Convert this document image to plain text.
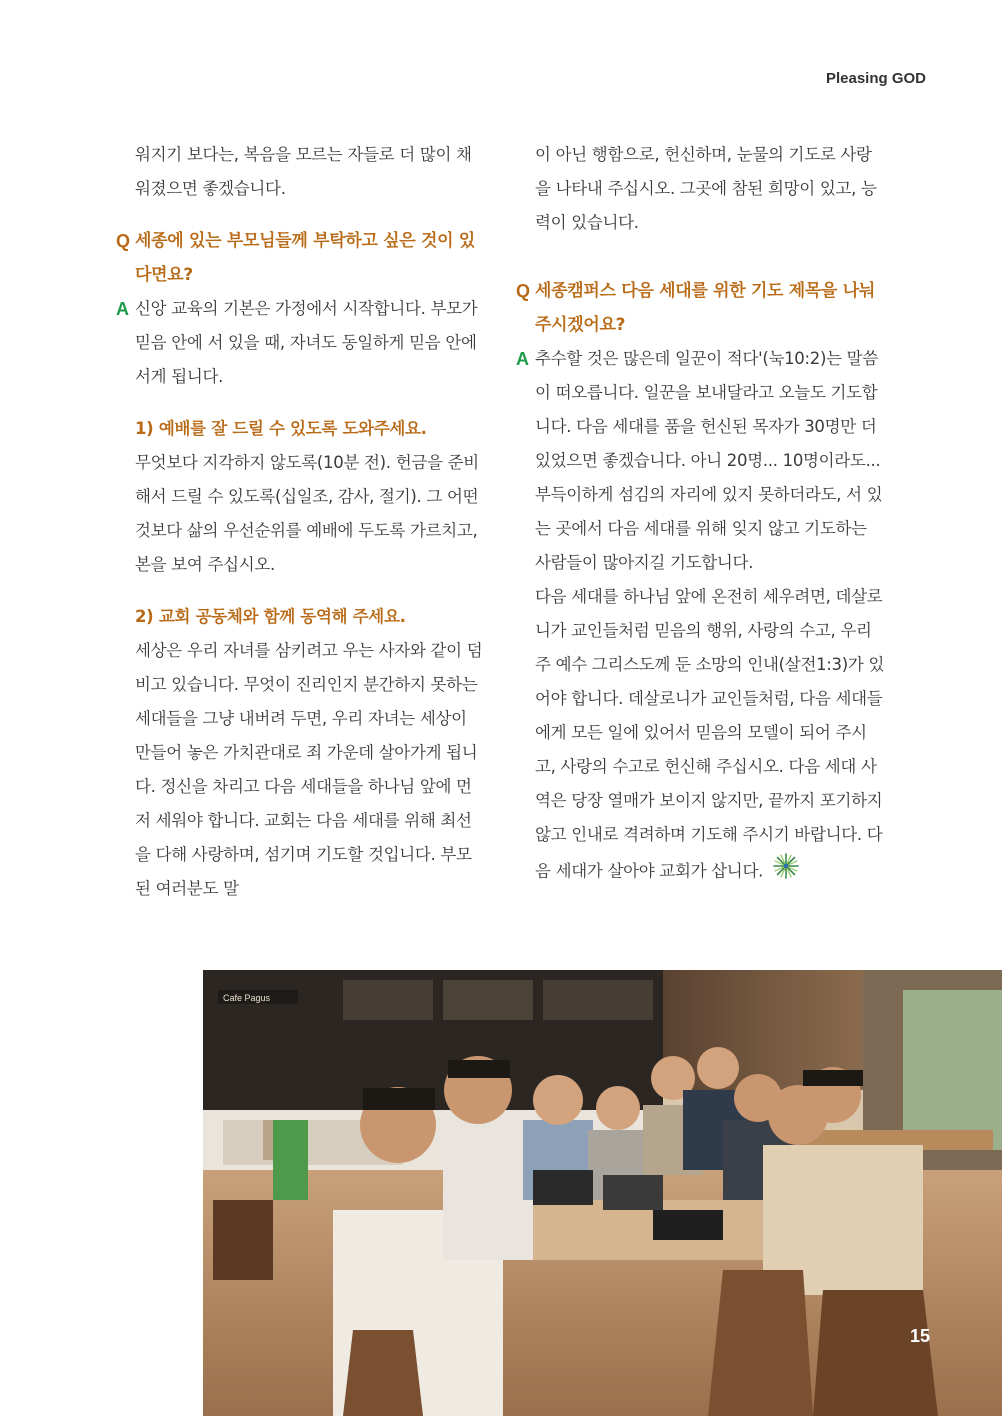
Pleasing GOD
워지기 보다는, 복음을 모르는 자들로 더 많이 채워졌으면 좋겠습니다.
Q 세종에 있는 부모님들께 부탁하고 싶은 것이 있다면요?
A 신앙 교육의 기본은 가정에서 시작합니다. 부모가 믿음 안에 서 있을 때, 자녀도 동일하게 믿음 안에 서게 됩니다.
1) 예배를 잘 드릴 수 있도록 도와주세요.
무엇보다 지각하지 않도록(10분 전). 헌금을 준비해서 드릴 수 있도록(십일조, 감사, 절기). 그 어떤 것보다 삶의 우선순위를 예배에 두도록 가르치고, 본을 보여 주십시오.
2) 교회 공동체와 함께 동역해 주세요.
세상은 우리 자녀를 삼키려고 우는 사자와 같이 덤비고 있습니다. 무엇이 진리인지 분간하지 못하는 세대들을 그냥 내버려 두면, 우리 자녀는 세상이 만들어 놓은 가치관대로 죄 가운데 살아가게 됩니다. 정신을 차리고 다음 세대들을 하나님 앞에 먼저 세워야 합니다. 교회는 다음 세대를 위해 최선을 다해 사랑하며, 섬기며 기도할 것입니다. 부모 된 여러분도 말
이 아닌 행함으로, 헌신하며, 눈물의 기도로 사랑을 나타내 주십시오. 그곳에 참된 희망이 있고, 능력이 있습니다.
Q 세종캠퍼스 다음 세대를 위한 기도 제목을 나눠주시겠어요?
A 추수할 것은 많은데 일꾼이 적다'(눅10:2)는 말씀이 떠오릅니다. 일꾼을 보내달라고 오늘도 기도합니다. 다음 세대를 품을 헌신된 목자가 30명만 더 있었으면 좋겠습니다. 아니 20명... 10명이라도... 부득이하게 섬김의 자리에 있지 못하더라도, 서 있는 곳에서 다음 세대를 위해 잊지 않고 기도하는 사람들이 많아지길 기도합니다.
다음 세대를 하나님 앞에 온전히 세우려면, 데살로니가 교인들처럼 믿음의 행위, 사랑의 수고, 우리 주 예수 그리스도께 둔 소망의 인내(살전1:3)가 있어야 합니다. 데살로니가 교인들처럼, 다음 세대들에게 모든 일에 있어서 믿음의 모델이 되어 주시고, 사랑의 수고로 헌신해 주십시오. 다음 세대 사역은 당장 열매가 보이지 않지만, 끝까지 포기하지 않고 인내로 격려하며 기도해 주시기 바랍니다. 다음 세대가 살아야 교회가 삽니다.
Cafe Pagus
15
